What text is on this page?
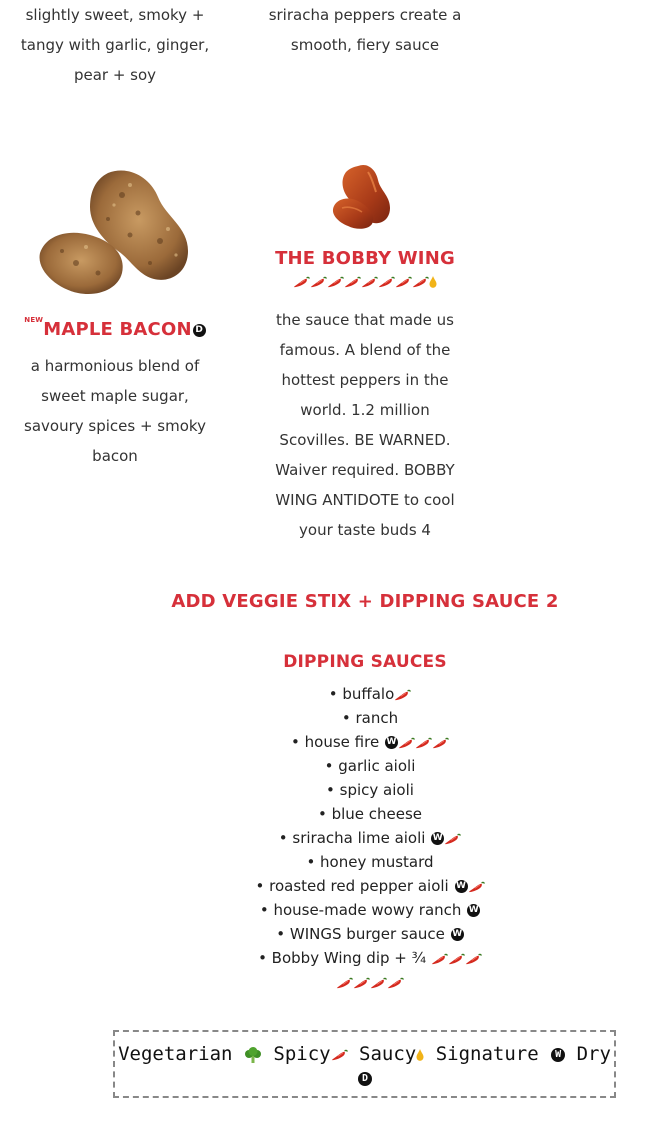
slightly sweet, smoky +
tangy with garlic, ginger,
pear + soy
sriracha peppers create a
smooth, fiery sauce
THE BOBBY WING
the sauce that made us
famous. A blend of the
hottest peppers in the
world. 1.2 million
Scovilles. BE WARNED.
Waiver required. BOBBY
WING ANTIDOTE to cool
your taste buds 4
$^{NEW}$MAPLE BACON D
a harmonious blend of
sweet maple sugar,
savoury spices + smoky
bacon
ADD VEGGIE STIX + DIPPING SAUCE 2
DIPPING SAUCES
• buffalo
• ranch
• house fire W
• garlic aioli
• spicy aioli
• blue cheese
• sriracha lime aioli W
• honey mustard
• roasted red pepper aioli W
• house-made wowy ranch W
• WINGS burger sauce W
• Bobby Wing dip + ¾
Vegetarian Spicy Saucy Signature W Dry
D
